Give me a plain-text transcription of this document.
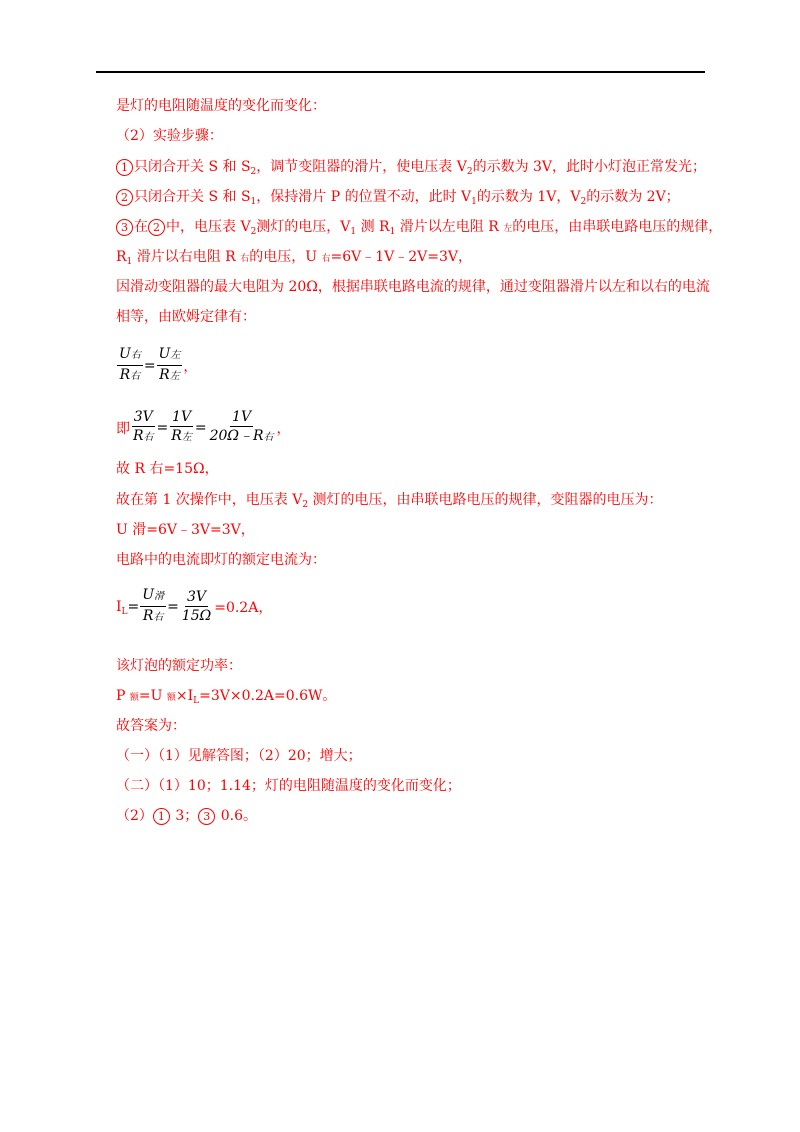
是灯的电阻随温度的变化而变化：
（2）实验步骤：
1 只闭合开关 S 和 $S_2$，调节变阻器的滑片，使电压表 $V_2$的示数为 3V，此时小灯泡正常发光；
2 只闭合开关 S 和 $S_1$，保持滑片 P 的位置不动，此时 $V_1$的示数为 1V，$V_2$的示数为 2V；
3 在 2 中，电压表 $V_2$测灯的电压，$V_1$ 测 $R_1$ 滑片以左电阻 R 左的电压，由串联电路电压的规律，
$R_1$ 滑片以右电阻 R 右的电压，U 右=6V﹣1V﹣2V=3V，
因滑动变阻器的最大电阻为 20Ω，根据串联电路电流的规律，通过变阻器滑片以左和以右的电流
相等，由欧姆定律有：
$\frac{\text{U右}}{\text{R右}} = \frac{\text{U左}}{\text{R左}}$ ，
即 $\frac{3V}{\text{R右}} = \frac{1V}{\text{R左}} = \frac{1V}{\text{20Ω﹣R右}}$ ，
故 R 右=15Ω，
故在第 1 次操作中，电压表 $V_2$ 测灯的电压，由串联电路电压的规律，变阻器的电压为：
U 滑=6V﹣3V=3V，
电路中的电流即灯的额定电流为：
$I_L = \frac{\text{U滑}}{\text{R右}} = \frac{3V}{15\Omega} =0.2A$，
该灯泡的额定功率：
P 额=U 额$\times I_L=3V\times 0.2A=0.6W$。
故答案为：
（一）（1）见解答图；（2）20；增大；
（二）（1）10；1.14；灯的电阻随温度的变化而变化；
（2） 1 3； 3 0.6。
